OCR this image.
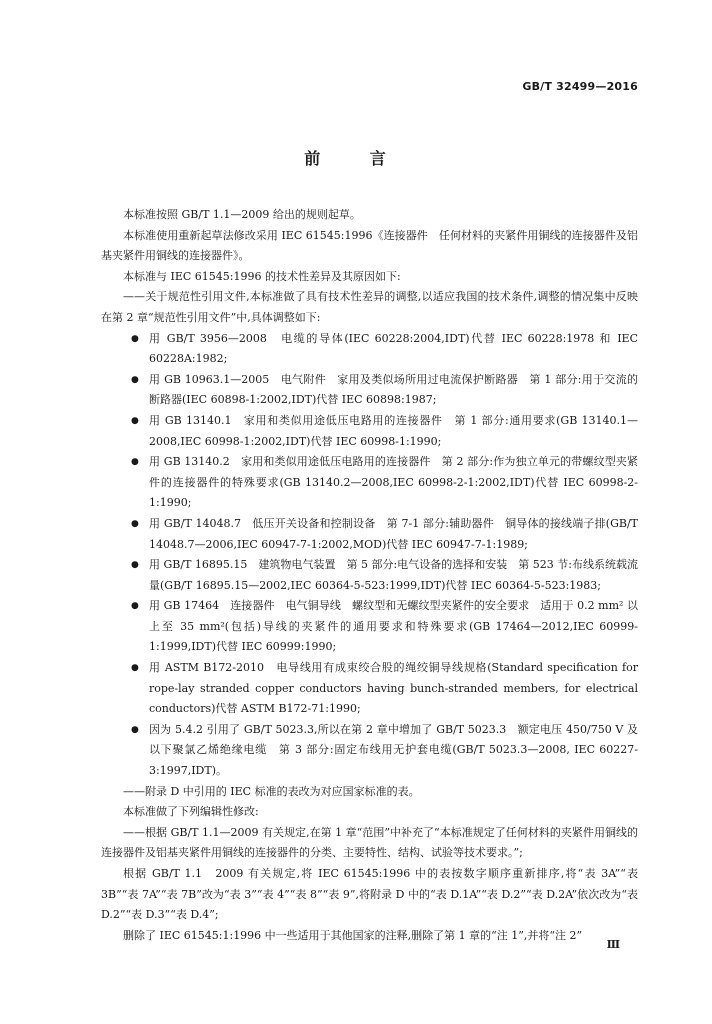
GB/T 32499—2016
前 言

本标准按照 GB/T 1.1—2009 给出的规则起草。

本标准使用重新起草法修改采用 IEC 61545:1996《连接器件　任何材料的夹紧件用铜线的连接器件及铝基夹紧件用铜线的连接器件》。

本标准与 IEC 61545:1996 的技术性差异及其原因如下:

——关于规范性引用文件,本标准做了具有技术性差异的调整,以适应我国的技术条件,调整的情况集中反映在第 2 章“规范性引用文件”中,具体调整如下:

● 用 GB/T 3956—2008　电缆的导体(IEC 60228:2004,IDT)代替 IEC 60228:1978 和 IEC 60228A:1982;
● 用 GB 10963.1—2005　电气附件　家用及类似场所用过电流保护断路器　第 1 部分:用于交流的断路器(IEC 60898-1:2002,IDT)代替 IEC 60898:1987;
● 用 GB 13140.1　家用和类似用途低压电路用的连接器件　第 1 部分:通用要求(GB 13140.1—2008,IEC 60998-1:2002,IDT)代替 IEC 60998-1:1990;
● 用 GB 13140.2　家用和类似用途低压电路用的连接器件　第 2 部分:作为独立单元的带螺纹型夹紧件的连接器件的特殊要求(GB 13140.2—2008,IEC 60998-2-1:2002,IDT)代替 IEC 60998-2-1:1990;
● 用 GB/T 14048.7　低压开关设备和控制设备　第 7-1 部分:辅助器件　铜导体的接线端子排(GB/T 14048.7—2006,IEC 60947-7-1:2002,MOD)代替 IEC 60947-7-1:1989;
● 用 GB/T 16895.15　建筑物电气装置　第 5 部分:电气设备的选择和安装　第 523 节:布线系统载流量(GB/T 16895.15—2002,IEC 60364-5-523:1999,IDT)代替 IEC 60364-5-523:1983;
● 用 GB 17464　连接器件　电气铜导线　螺纹型和无螺纹型夹紧件的安全要求　适用于 0.2 mm² 以上至 35 mm²(包括)导线的夹紧件的通用要求和特殊要求(GB 17464—2012,IEC 60999-1:1999,IDT)代替 IEC 60999:1990;
● 用 ASTM B172-2010　电导线用有成束绞合股的绳绞铜导线规格(Standard specification for rope-lay stranded copper conductors having bunch-stranded members, for electrical conductors)代替 ASTM B172-71:1990;
● 因为 5.4.2 引用了 GB/T 5023.3,所以在第 2 章中增加了 GB/T 5023.3　额定电压 450/750 V 及以下聚氯乙烯绝缘电缆　第 3 部分:固定布线用无护套电缆(GB/T 5023.3—2008, IEC 60227-3:1997,IDT)。

——附录 D 中引用的 IEC 标准的表改为对应国家标准的表。

本标准做了下列编辑性修改:

——根据 GB/T 1.1—2009 有关规定,在第 1 章“范围”中补充了“本标准规定了任何材料的夹紧件用铜线的连接器件及铝基夹紧件用铜线的连接器件的分类、主要特性、结构、试验等技术要求。”;

根据 GB/T 1.1　2009 有关规定,将 IEC 61545:1996 中的表按数字顺序重新排序,将“表 3A”“表 3B”“表 7A”“表 7B”改为“表 3”“表 4”“表 8”“表 9”,将附录 D 中的“表 D.1A”“表 D.2”“表 D.2A”依次改为“表 D.2”“表 D.3”“表 D.4”;

删除了 IEC 61545:1:1996 中一些适用于其他国家的注释,删除了第 1 章的“注 1”,并将“注 2”

Ⅲ
